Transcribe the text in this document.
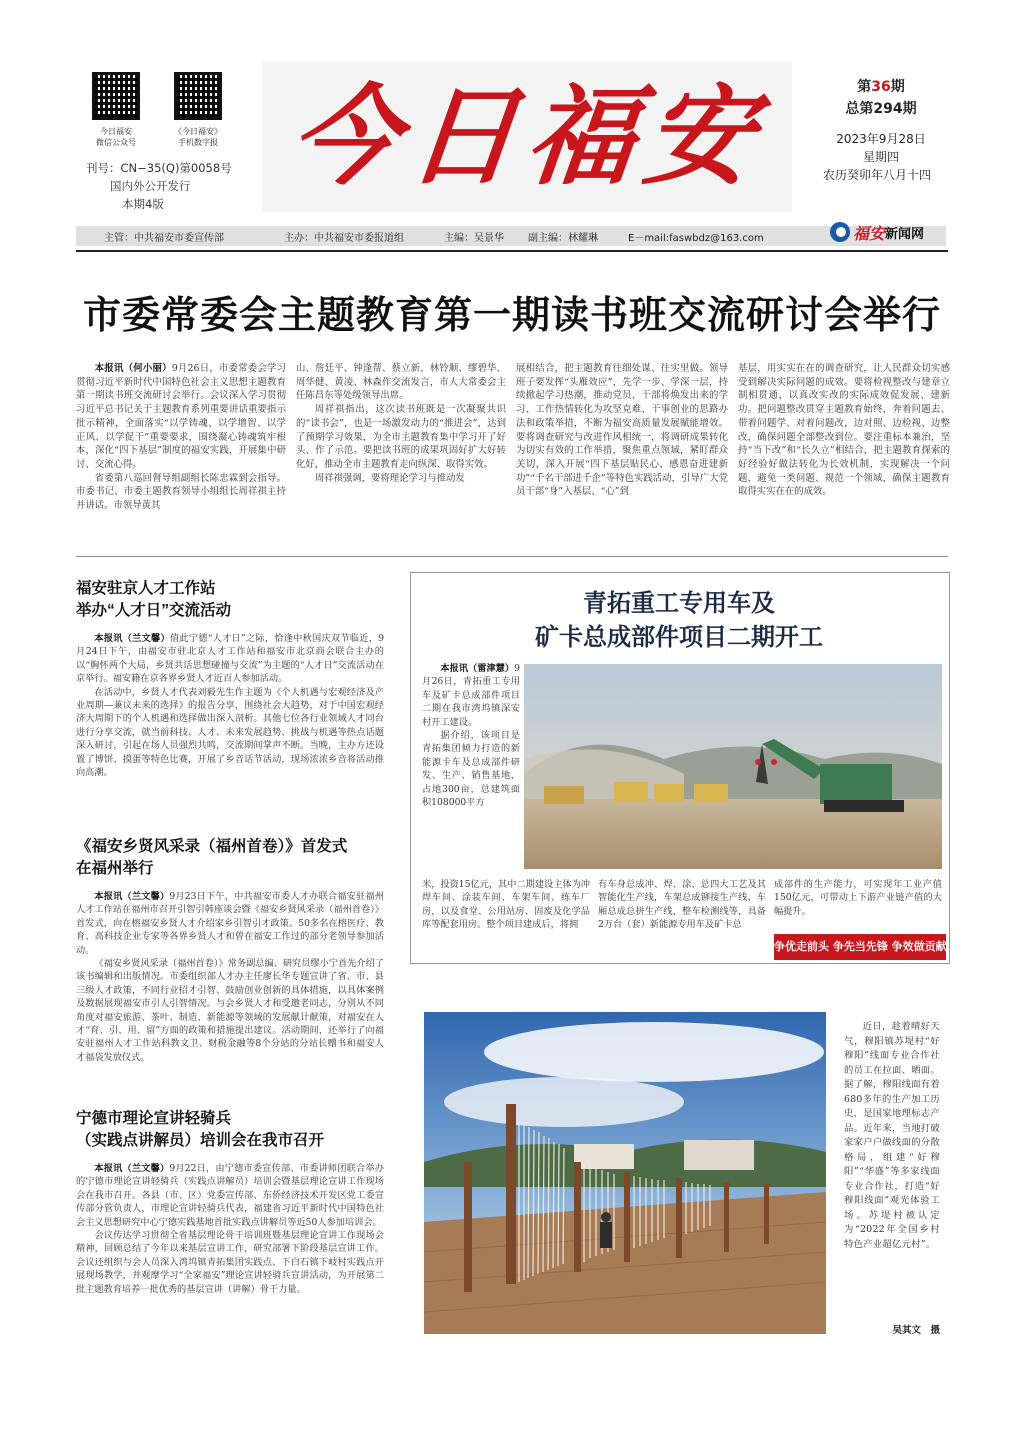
今日福安
微信公众号
《今日福安》
手机数字报
刊号：CN−35(Q)第0058号
国内外公开发行
本期4版
今日福安	第36期
总第294期
2023年9月28日
星期四
农历癸卯年八月十四
主管：中共福安市委宣传部	主办：中共福安市委报道组	主编：吴景华 副主编：林耀琳	E－mail:faswbdz@163.com	福安 新闻网
市委常委会主题教育第一期读书班交流研讨会举行

本报讯（何小丽）9月26日，市委常委会学习贯彻习近平新时代中国特色社会主义思想主题教育第一期读书班交流研讨会举行。会议深入学习贯彻习近平总书记关于主题教育系列重要讲话重要指示批示精神，全面落实“以学铸魂、以学增智、以学正风、以学促干”重要要求，围绕凝心铸魂筑牢根本，深化“四下基层”制度的福安实践，开展集中研讨、交流心得。

省委第八巡回督导组副组长陈忠霖到会指导。市委书记、市委主题教育领导小组组长周祥祺主持并讲话。市领导黄其

山、詹廷平、钟逢帮、蔡立新、林铃顺、缪碧华、周华健、黄凌、林森作交流发言，市人大常委会主任陈昌东等处级领导出席。

周祥祺指出，这次读书班既是一次凝聚共识的“读书会”，也是一场激发动力的“推进会”，达到了预期学习效果，为全市主题教育集中学习开了好头、作了示范。要把读书班的成果巩固好扩大好转化好，推动全市主题教育走向纵深、取得实效。

周祥祺强调，要将理论学习与推动发

展相结合，把主题教育往细处谋、往实里做。领导班子要发挥“头雁效应”，先学一步、学深一层，持续掀起学习热潮，推动党员、干部将焕发出来的学习、工作热情转化为攻坚克难、干事创业的思路办法和政策举措，不断为福安高质量发展赋能增效。要将调查研究与改进作风相统一，将调研成果转化为切实有效的工作举措，聚焦重点领域，紧盯群众关切，深入开展“四下基层贴民心、感恩奋进建新功”“千名干部进千企”等特色实践活动，引导广大党员干部“身”入基层、“心”到

基层，用实实在在的调查研究，让人民群众切实感受到解决实际问题的成效。要将检视整改与建章立制相贯通，以真改实改的实际成效促发展、建新功。把问题整改贯穿主题教育始终，奔着问题去、带着问题学、对着问题改，边对照、边检视、边整改，确保问题全部整改到位。要注重标本兼治，坚持“当下改”和“长久立”相结合，把主题教育探索的好经验好做法转化为长效机制，实现解决一个问题、避免一类问题、规范一个领域，确保主题教育取得实实在在的成效。

福安驻京人才工作站
举办“人才日”交流活动

本报讯（兰文馨）值此宁德“人才日”之际，恰逢中秋国庆双节临近，9月24日下午，由福安市驻北京人才工作站和福安市北京商会联合主办的以“胸怀两个大局，乡贤共话思想碰撞与交流”为主题的“人才日”交流活动在京举行。福安籍在京各界乡贤人才近百人参加活动。

在活动中，乡贤人才代表刘毅先生作主题为《个人机遇与宏观经济及产业周期—兼议未来的选择》的报告分享，围绕社会大趋势，对于中国宏观经济大周期下的个人机遇和选择做出深入剖析。其他七位各行业领域人才同台进行分享交流，就当前科技、人才、未来发展趋势、挑战与机遇等热点话题深入研讨，引起在场人员强烈共鸣，交流期间掌声不断。当晚，主办方还设置了博饼、摸蛋等特色比赛，开展了乡音话节活动，现场浓浓乡音将活动推向高潮。

《福安乡贤风采录（福州首卷）》首发式
在福州举行

本报讯（兰文馨）9月23日下午，中共福安市委人才办联合福安驻福州人才工作站在福州市召开引智引韩座谈会暨《福安乡贤风采录（福州首卷）》首发式，向在榕福安乡贤人才介绍家乡引智引才政策。50多名在榕医疗、教育、高科技企业专家等各界乡贤人才和曾在福安工作过的部分老领导参加活动。

《福安乡贤风采录（福州首卷）》常务副总编、研究员缪小宁首先介绍了该书编辑和出版情况。市委组织部人才办主任廖长华专题宣讲了省、市、县三级人才政策，不同行业招才引智、鼓励创业创新的具体措施，以具体案例及数据展现福安市引人引智情况。与会乡贤人才和受邀老同志，分别从不同角度对福安旅游、茶叶、制造、新能源等领域的发展献计献策，对福安在人才“育、引、用、留”方面的政策和措施提出建议。活动期间，还举行了向福安驻福州人才工作站科教文卫、财税金融等8个分站的分站长赠书和福安人才福袋发放仪式。

宁德市理论宣讲轻骑兵
（实践点讲解员）培训会在我市召开

本报讯（兰文馨）9月22日，由宁德市委宣传部、市委讲师团联合举办的宁德市理论宣讲轻骑兵（实践点讲解员）培训会暨基层理论宣讲工作现场会在我市召开。各县（市、区）党委宣传部、东侨经济技术开发区党工委宣传部分管负责人，市理论宣讲轻骑兵代表，福建省习近平新时代中国特色社会主义思想研究中心宁德实践基地首批实践点讲解员等近50人参加培训会。

会议传达学习贯彻全省基层理论骨干培训班暨基层理论宣讲工作现场会精神，回顾总结了今年以来基层宣讲工作，研究部署下阶段基层宣讲工作。会议还组织与会人员深入湾坞镇青拓集团实践点、下白石镇下岐村实践点开展现场教学，并观摩学习“全家福安”理论宣讲轻骑兵宣讲活动，为开展第二批主题教育培养一批优秀的基层宣讲（讲解）骨干力量。

青拓重工专用车及
矿卡总成部件项目二期开工

本报讯（雷津慧）9月26日，青拓重工专用车及矿卡总成部件项目二期在我市湾坞镇深安村开工建设。

据介绍，该项目是青拓集团倾力打造的新能源卡车及总成部件研发、生产、销售基地，占地300亩，总建筑面积108000平方

米，投资15亿元，其中二期建设主体为冲焊车间、涂装车间、车架车间、练车厂房，以及食堂、公用站房、固废及化学品库等配套用房。整个项目建成后，将拥

有车身总成冲、焊、涂、总四大工艺及其智能化生产线，车架总成铆接生产线、车厢总成总拼生产线，整车检测线等，具备2万台（套）新能源专用车及矿卡总

成部件的生产能力，可实现年工业产值150亿元，可带动上下游产业链产值的大幅提升。

争优走前头 争先当先锋 争效做贡献
近日，趁着晴好天气，穆阳镇苏堤村“好穆阳”线面专业合作社的员工在拉面、晒面。据了解，穆阳线面有着680多年的生产加工历史，是国家地理标志产品。近年来，当地打破家家户户做线面的分散格局，组建“好穆阳”“华盛”等多家线面专业合作社，打造“好穆阳线面”观光体验工场。苏堤村被认定为“2022年全国乡村特色产业超亿元村”。
吴其文　摄
